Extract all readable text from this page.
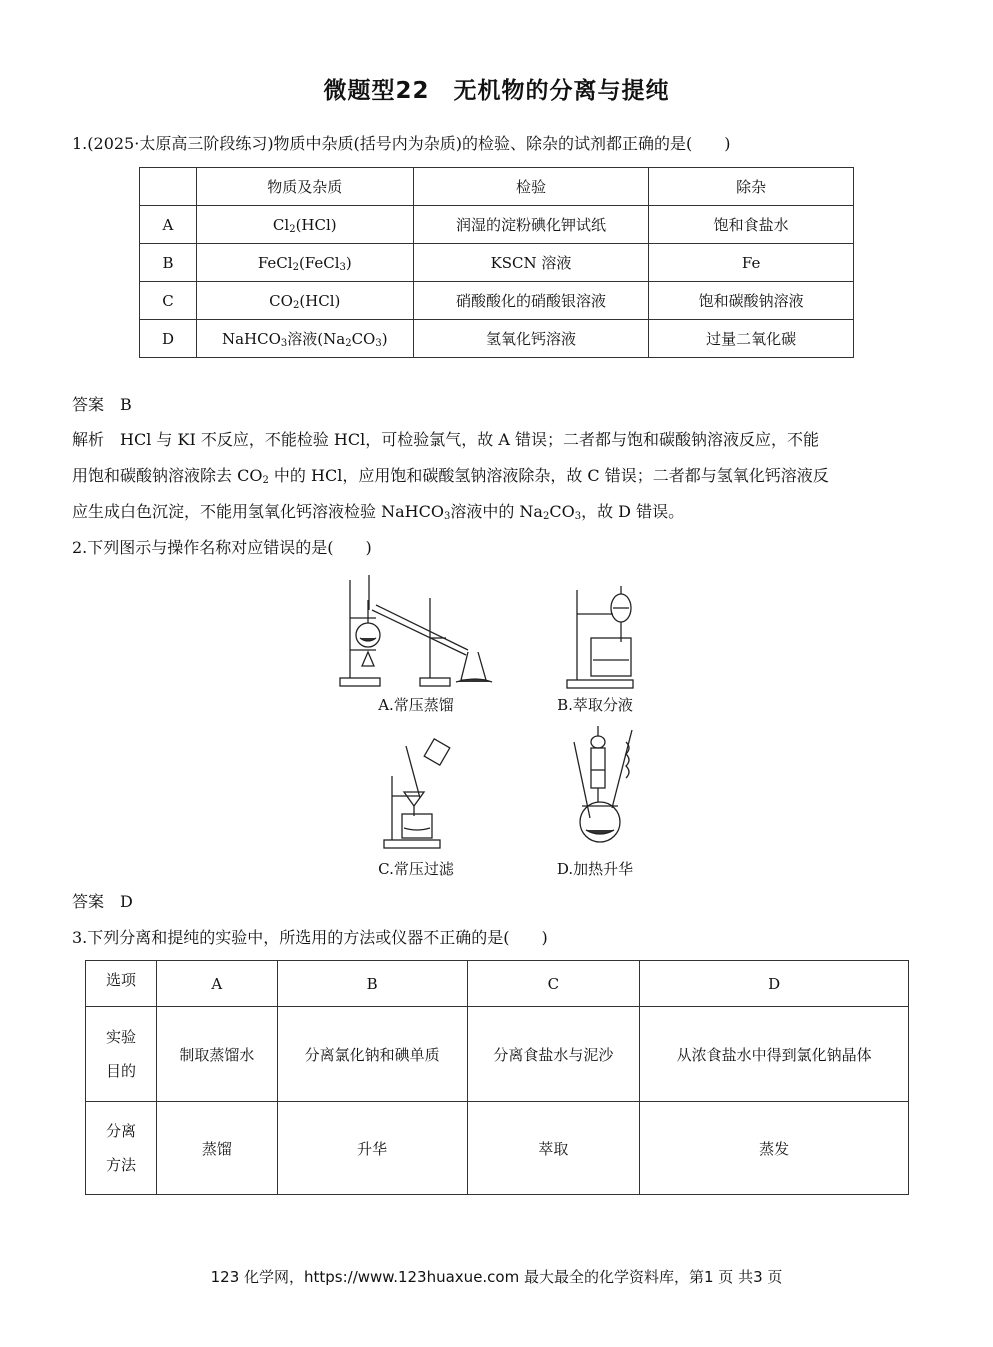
微题型22　无机物的分离与提纯
1.(2025·太原高三阶段练习)物质中杂质(括号内为杂质)的检验、除杂的试剂都正确的是(　　)
	物质及杂质	检验	除杂
A	$Cl_2(HCl)$	润湿的淀粉碘化钾试纸	饱和食盐水
B	FeCl$_2$(FeCl$_3$)	KSCN 溶液	Fe
C	$CO_2(HCl)$	硝酸酸化的硝酸银溶液	饱和碳酸钠溶液
D	NaHCO$_3$溶液$(Na_2CO_3)$	氢氧化钙溶液	过量二氧化碳
答案　B
解析　HCl 与 KI 不反应，不能检验 HCl，可检验氯气，故 A 错误；二者都与饱和碳酸钠溶液反应，不能
用饱和碳酸钠溶液除去 $CO_2$ 中的 HCl，应用饱和碳酸氢钠溶液除杂，故 C 错误；二者都与氢氧化钙溶液反
应生成白色沉淀，不能用氢氧化钙溶液检验 NaHCO$_3$溶液中的 $Na_2CO_3$，故 D 错误。
2.下列图示与操作名称对应错误的是(　　)
A.常压蒸馏	B.萃取分液
C.常压过滤	D.加热升华
答案　D
3.下列分离和提纯的实验中，所选用的方法或仪器不正确的是(　　)
选项	A	B	C	D

实验
目的	制取蒸馏水	分离氯化钠和碘单质	分离食盐水与泥沙	从浓食盐水中得到氯化钠晶体

分离
方法	蒸馏	升华	萃取	蒸发
123 化学网，https://www.123huaxue.com 最大最全的化学资料库，第1 页 共3 页
